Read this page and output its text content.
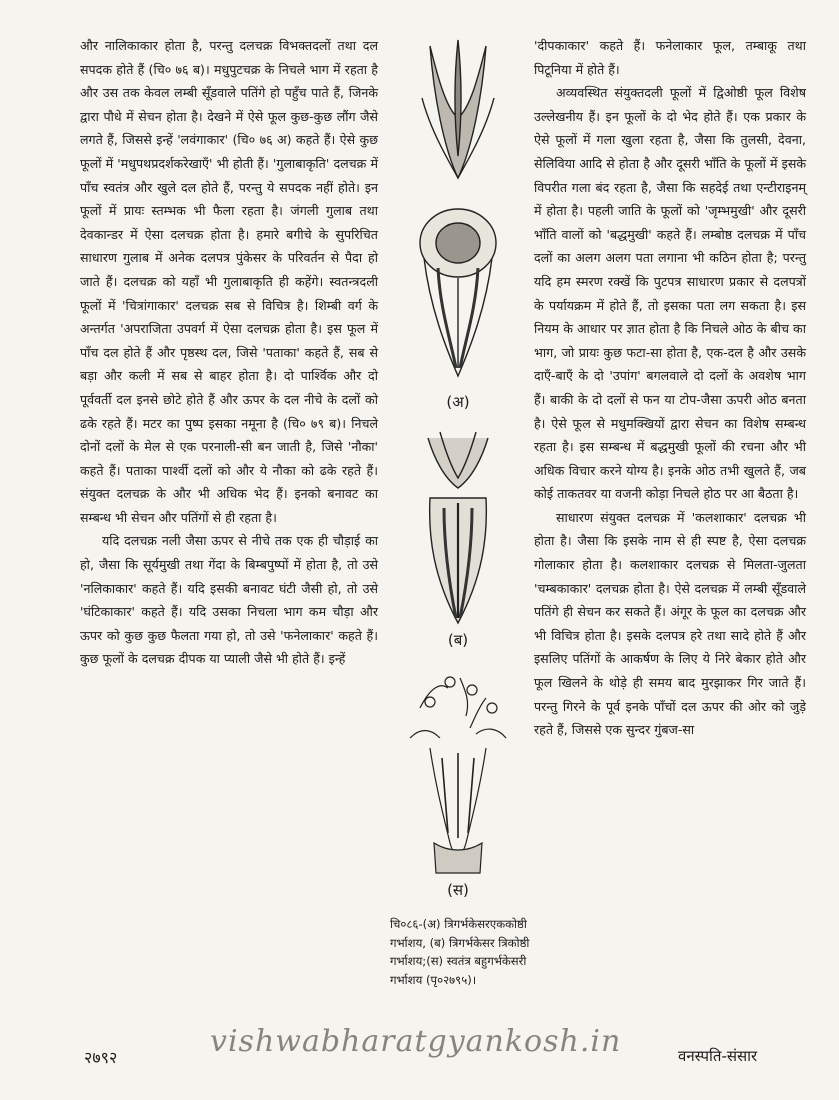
और नालिकाकार होता है, परन्तु दलचक्र विभक्तदलों तथा दल सपदक होते हैं (चि० ७६ ब)। मधुपुटचक्र के निचले भाग में रहता है और उस तक केवल लम्बी सूँडवाले पतिंगे हो पहुँच पाते हैं, जिनके द्वारा पौधे में सेचन होता है। देखने में ऐसे फूल कुछ-कुछ लौंग जैसे लगते हैं, जिससे इन्हें 'लवंगाकार' (चि० ७६ अ) कहते हैं। ऐसे कुछ फूलों में 'मधुपथप्रदर्शकरेखाएँ' भी होती हैं। 'गुलाबाकृति' दलचक्र में पाँच स्वतंत्र और खुले दल होते हैं, परन्तु ये सपदक नहीं होते। इन फूलों में प्रायः स्तम्भक भी फैला रहता है। जंगली गुलाब तथा देवकान्डर में ऐसा दलचक्र होता है। हमारे बगीचे के सुपरिचित साधारण गुलाब में अनेक दलपत्र पुंकेसर के परिवर्तन से पैदा हो जाते हैं। दलचक्र को यहाँ भी गुलाबाकृति ही कहेंगे। स्वतन्त्रदली फूलों में 'चित्रांगाकार' दलचक्र सब से विचित्र है। शिम्बी वर्ग के अन्तर्गत 'अपराजिता उपवर्ग में ऐसा दलचक्र होता है। इस फूल में पाँच दल होते हैं और पृष्ठस्थ दल, जिसे 'पताका' कहते हैं, सब से बड़ा और कली में सब से बाहर होता है। दो पार्श्विक और दो पूर्ववर्ती दल इनसे छोटे होते हैं और ऊपर के दल नीचे के दलों को ढके रहते हैं। मटर का पुष्प इसका नमूना है (चि० ७९ ब)। निचले दोनों दलों के मेल से एक परनाली-सी बन जाती है, जिसे 'नौका' कहते हैं। पताका पार्श्वी दलों को और ये नौका को ढके रहते हैं। संयुक्त दलचक्र के और भी अधिक भेद हैं। इनको बनावट का सम्बन्ध भी सेचन और पतिंगों से ही रहता है।

यदि दलचक्र नली जैसा ऊपर से नीचे तक एक ही चौड़ाई का हो, जैसा कि सूर्यमुखी तथा गेंदा के बिम्बपुष्पों में होता है, तो उसे 'नलिकाकार' कहते हैं। यदि इसकी बनावट घंटी जैसी हो, तो उसे 'घंटिकाकार' कहते हैं। यदि उसका निचला भाग कम चौड़ा और ऊपर को कुछ कुछ फैलता गया हो, तो उसे 'फनेलाकार' कहते हैं। कुछ फूलों के दलचक्र दीपक या प्याली जैसे भी होते हैं। इन्हें

'दीपकाकार' कहते हैं। फनेलाकार फूल, तम्बाकू तथा पिटूनिया में होते हैं।

अव्यवस्थित संयुक्तदली फूलों में द्विओष्ठी फूल विशेष उल्लेखनीय हैं। इन फूलों के दो भेद होते हैं। एक प्रकार के ऐसे फूलों में गला खुला रहता है, जैसा कि तुलसी, देवना, सेलिविया आदि से होता है और दूसरी भाँति के फूलों में इसके विपरीत गला बंद रहता है, जैसा कि सहदेई तथा एन्टीराइनम् में होता है। पहली जाति के फूलों को 'जृम्भमुखी' और दूसरी भाँति वालों को 'बद्धमुखी' कहते हैं। लम्बोष्ठ दलचक्र में पाँच दलों का अलग अलग पता लगाना भी कठिन होता है; परन्तु यदि हम स्मरण रक्खें कि पुटपत्र साधारण प्रकार से दलपत्रों के पर्यायक्रम में होते हैं, तो इसका पता लग सकता है। इस नियम के आधार पर ज्ञात होता है कि निचले ओठ के बीच का भाग, जो प्रायः कुछ फटा-सा होता है, एक-दल है और उसके दाएँ-बाएँ के दो 'उपांग' बगलवाले दो दलों के अवशेष भाग हैं। बाकी के दो दलों से फन या टोप-जैसा ऊपरी ओठ बनता है। ऐसे फूल से मधुमक्खियों द्वारा सेचन का विशेष सम्बन्ध रहता है। इस सम्बन्ध में बद्धमुखी फूलों की रचना और भी अधिक विचार करने योग्य है। इनके ओठ तभी खुलते हैं, जब कोई ताकतवर या वजनी कोड़ा निचले होठ पर आ बैठता है।

साधारण संयुक्त दलचक्र में 'कलशाकार' दलचक्र भी होता है। जैसा कि इसके नाम से ही स्पष्ट है, ऐसा दलचक्र गोलाकार होता है। कलशाकार दलचक्र से मिलता-जुलता 'चम्बकाकार' दलचक्र होता है। ऐसे दलचक्र में लम्बी सूँडवाले पतिंगे ही सेचन कर सकते हैं। अंगूर के फूल का दलचक्र और भी विचित्र होता है। इसके दलपत्र हरे तथा सादे होते हैं और इसलिए पतिंगों के आकर्षण के लिए ये निरे बेकार होते और फूल खिलने के थोड़े ही समय बाद मुरझाकर गिर जाते हैं। परन्तु गिरने के पूर्व इनके पाँचों दल ऊपर की ओर को जुड़े रहते हैं, जिससे एक सुन्दर गुंबज-सा

(अ)
(ब)
(स)
चि०८६-(अ) त्रिगर्भकेसरएककोष्ठी गर्भाशय, (ब) त्रिगर्भकेसर त्रिकोष्ठी गर्भाशय;(स) स्वतंत्र बहुगर्भकेसरी गर्भाशय (पृ०२७९५)।
vishwabharatgyankosh.in
२७९२	वनस्पति-संसार
